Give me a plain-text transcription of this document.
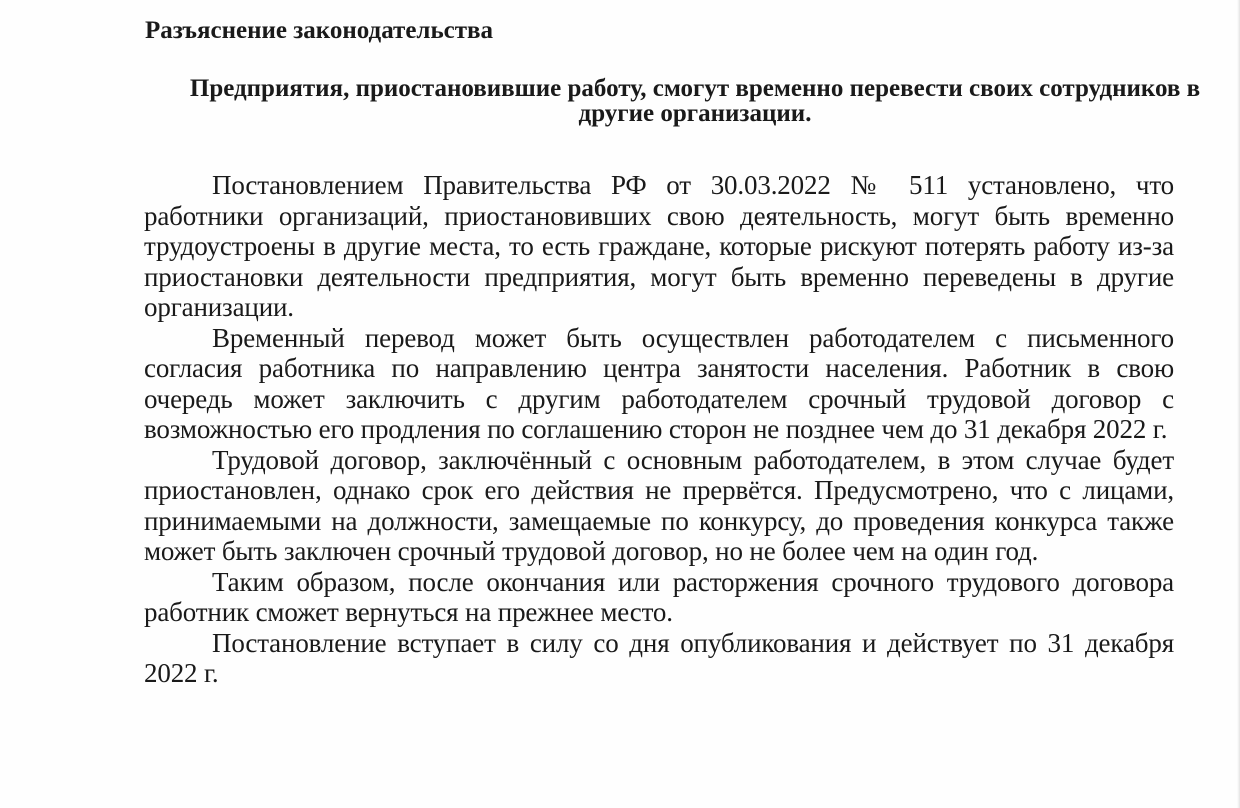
Разъяснение законодательства
Предприятия, приостановившие работу, смогут временно перевести своих сотрудников в другие организации.

Постановлением Правительства РФ от 30.03.2022 № 511 установлено, что работники организаций, приостановивших свою деятельность, могут быть временно трудоустроены в другие места, то есть граждане, которые рискуют потерять работу из-за приостановки деятельности предприятия, могут быть временно переведены в другие организации.

Временный перевод может быть осуществлен работодателем с письменного согласия работника по направлению центра занятости населения. Работник в свою очередь может заключить с другим работодателем срочный трудовой договор с возможностью его продления по соглашению сторон не позднее чем до 31 декабря 2022 г.

Трудовой договор, заключённый с основным работодателем, в этом случае будет приостановлен, однако срок его действия не прервётся. Предусмотрено, что с лицами, принимаемыми на должности, замещаемые по конкурсу, до проведения конкурса также может быть заключен срочный трудовой договор, но не более чем на один год.

Таким образом, после окончания или расторжения срочного трудового договора работник сможет вернуться на прежнее место.

Постановление вступает в силу со дня опубликования и действует по 31 декабря 2022 г.
